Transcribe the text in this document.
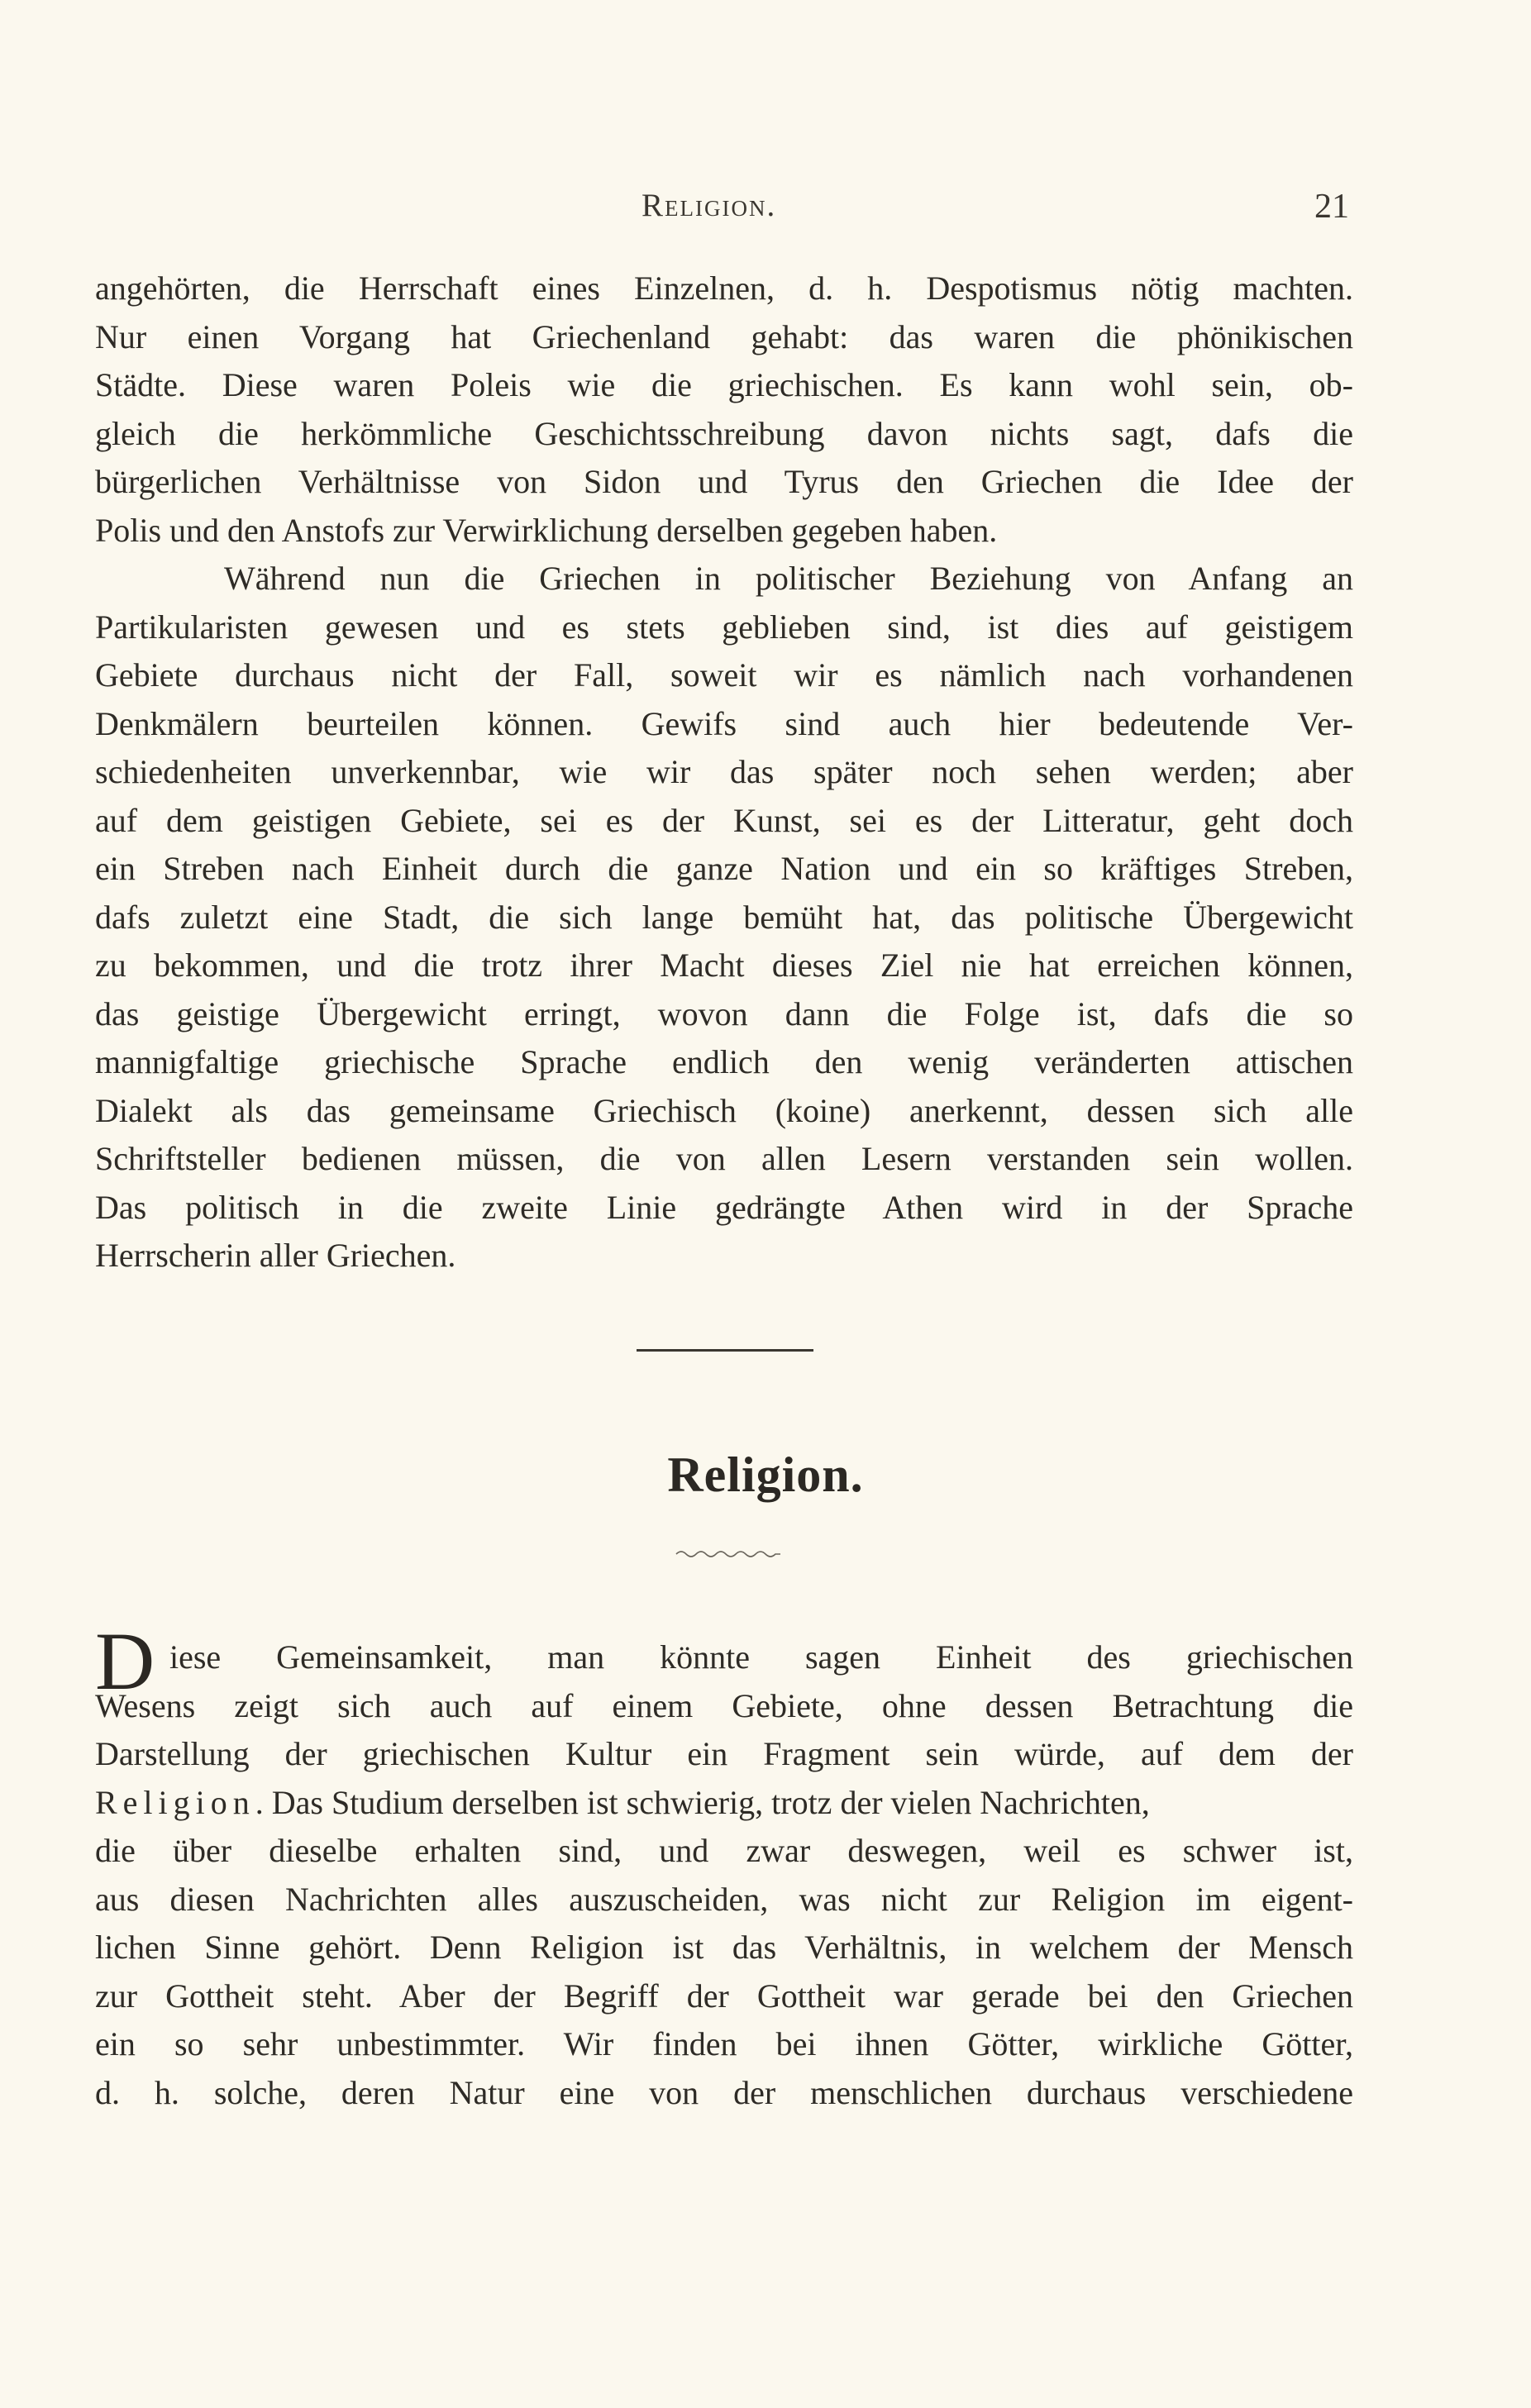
Religion.	21
angehörten, die Herrschaft eines Einzelnen, d. h. Despotismus nötig machten.
Nur einen Vorgang hat Griechenland gehabt: das waren die phönikischen
Städte. Diese waren Poleis wie die griechischen. Es kann wohl sein, ob-
gleich die herkömmliche Geschichtsschreibung davon nichts sagt, dafs die
bürgerlichen Verhältnisse von Sidon und Tyrus den Griechen die Idee der
Polis und den Anstofs zur Verwirklichung derselben gegeben haben.
Während nun die Griechen in politischer Beziehung von Anfang an
Partikularisten gewesen und es stets geblieben sind, ist dies auf geistigem
Gebiete durchaus nicht der Fall, soweit wir es nämlich nach vorhandenen
Denkmälern beurteilen können. Gewifs sind auch hier bedeutende Ver-
schiedenheiten unverkennbar, wie wir das später noch sehen werden; aber
auf dem geistigen Gebiete, sei es der Kunst, sei es der Litteratur, geht doch
ein Streben nach Einheit durch die ganze Nation und ein so kräftiges Streben,
dafs zuletzt eine Stadt, die sich lange bemüht hat, das politische Übergewicht
zu bekommen, und die trotz ihrer Macht dieses Ziel nie hat erreichen können,
das geistige Übergewicht erringt, wovon dann die Folge ist, dafs die so
mannigfaltige griechische Sprache endlich den wenig veränderten attischen
Dialekt als das gemeinsame Griechisch (koine) anerkennt, dessen sich alle
Schriftsteller bedienen müssen, die von allen Lesern verstanden sein wollen.
Das politisch in die zweite Linie gedrängte Athen wird in der Sprache
Herrscherin aller Griechen.
Religion.
D iese Gemeinsamkeit, man könnte sagen Einheit des griechischen
Wesens zeigt sich auch auf einem Gebiete, ohne dessen Betrachtung die
Darstellung der griechischen Kultur ein Fragment sein würde, auf dem der
Religion. Das Studium derselben ist schwierig, trotz der vielen Nachrichten,
die über dieselbe erhalten sind, und zwar deswegen, weil es schwer ist,
aus diesen Nachrichten alles auszuscheiden, was nicht zur Religion im eigent-
lichen Sinne gehört. Denn Religion ist das Verhältnis, in welchem der Mensch
zur Gottheit steht. Aber der Begriff der Gottheit war gerade bei den Griechen
ein so sehr unbestimmter. Wir finden bei ihnen Götter, wirkliche Götter,
d. h. solche, deren Natur eine von der menschlichen durchaus verschiedene
